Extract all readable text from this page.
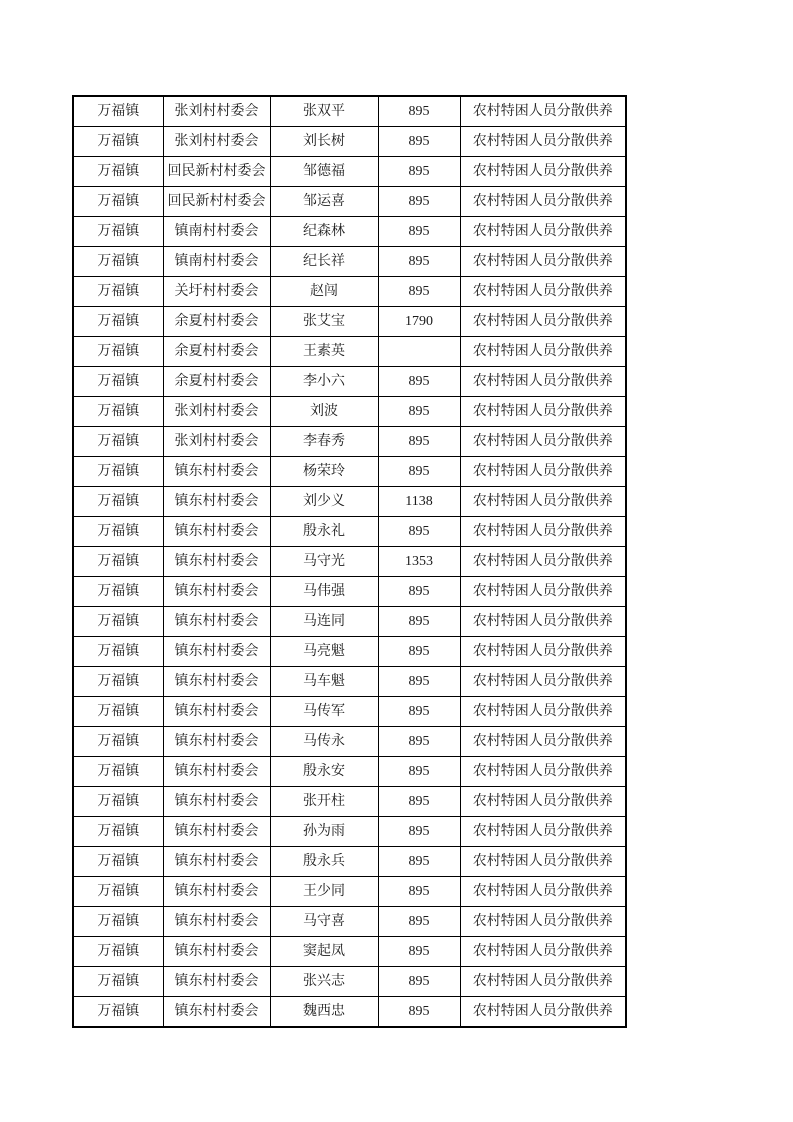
万福镇	张刘村村委会	张双平	895	农村特困人员分散供养
万福镇	张刘村村委会	刘长树	895	农村特困人员分散供养
万福镇	回民新村村委会	邹德福	895	农村特困人员分散供养
万福镇	回民新村村委会	邹运喜	895	农村特困人员分散供养
万福镇	镇南村村委会	纪森林	895	农村特困人员分散供养
万福镇	镇南村村委会	纪长祥	895	农村特困人员分散供养
万福镇	关圩村村委会	赵闯	895	农村特困人员分散供养
万福镇	余夏村村委会	张艾宝	1790	农村特困人员分散供养
万福镇	余夏村村委会	王素英		农村特困人员分散供养
万福镇	余夏村村委会	李小六	895	农村特困人员分散供养
万福镇	张刘村村委会	刘波	895	农村特困人员分散供养
万福镇	张刘村村委会	李春秀	895	农村特困人员分散供养
万福镇	镇东村村委会	杨荣玲	895	农村特困人员分散供养
万福镇	镇东村村委会	刘少义	1138	农村特困人员分散供养
万福镇	镇东村村委会	殷永礼	895	农村特困人员分散供养
万福镇	镇东村村委会	马守光	1353	农村特困人员分散供养
万福镇	镇东村村委会	马伟强	895	农村特困人员分散供养
万福镇	镇东村村委会	马连同	895	农村特困人员分散供养
万福镇	镇东村村委会	马亮魁	895	农村特困人员分散供养
万福镇	镇东村村委会	马车魁	895	农村特困人员分散供养
万福镇	镇东村村委会	马传军	895	农村特困人员分散供养
万福镇	镇东村村委会	马传永	895	农村特困人员分散供养
万福镇	镇东村村委会	殷永安	895	农村特困人员分散供养
万福镇	镇东村村委会	张开柱	895	农村特困人员分散供养
万福镇	镇东村村委会	孙为雨	895	农村特困人员分散供养
万福镇	镇东村村委会	殷永兵	895	农村特困人员分散供养
万福镇	镇东村村委会	王少同	895	农村特困人员分散供养
万福镇	镇东村村委会	马守喜	895	农村特困人员分散供养
万福镇	镇东村村委会	窦起凤	895	农村特困人员分散供养
万福镇	镇东村村委会	张兴志	895	农村特困人员分散供养
万福镇	镇东村村委会	魏西忠	895	农村特困人员分散供养
